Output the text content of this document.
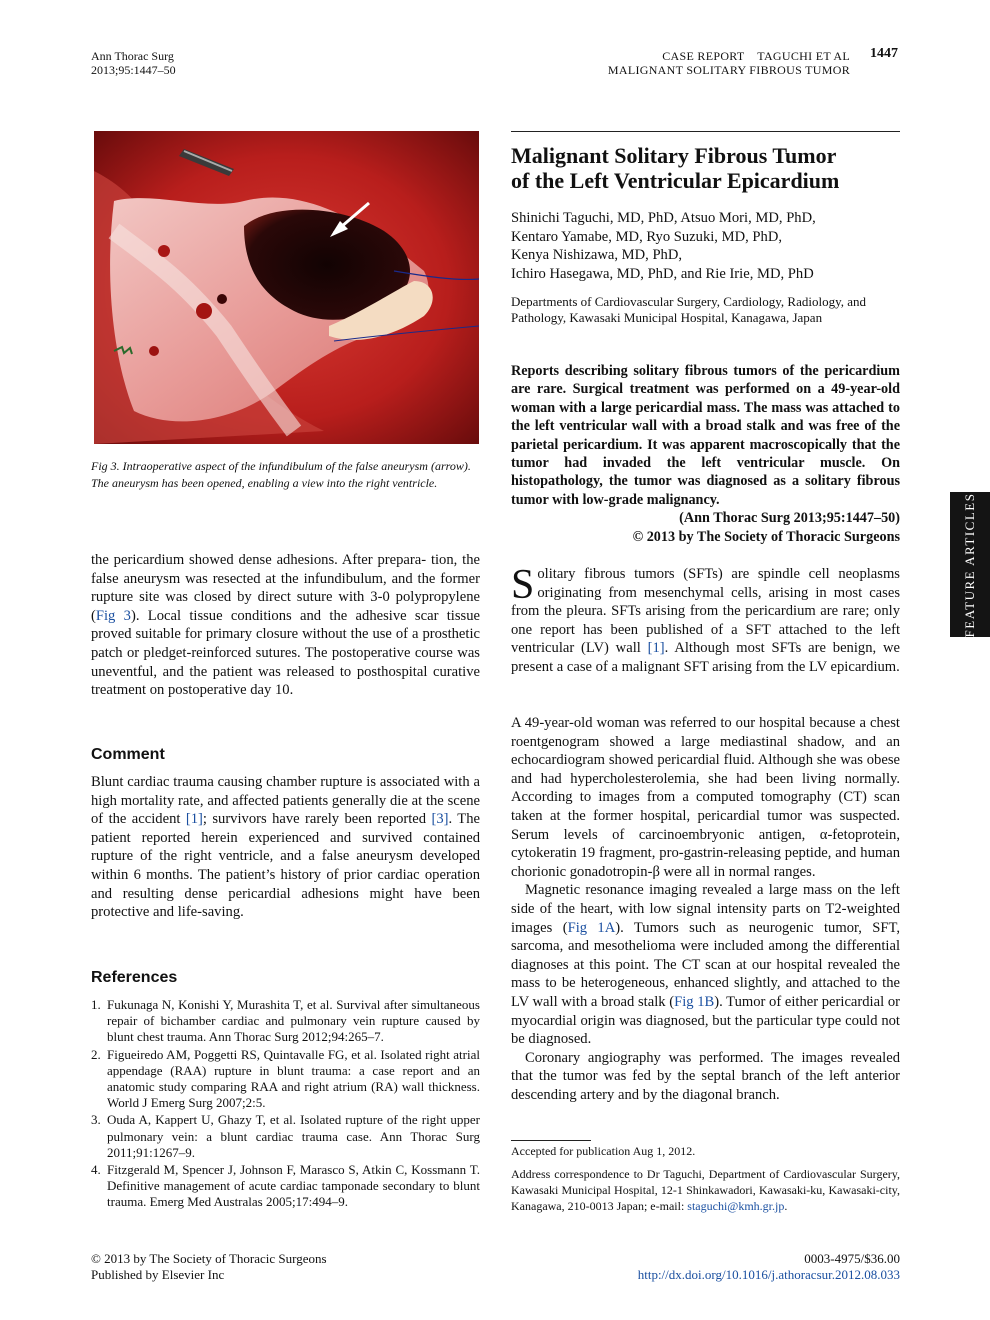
Ann Thorac Surg
2013;95:1447–50
CASE REPORT    TAGUCHI ET AL
MALIGNANT SOLITARY FIBROUS TUMOR
1447
Fig 3. Intraoperative aspect of the infundibulum of the false aneurysm (arrow). The aneurysm has been opened, enabling a view into the right ventricle.

the pericardium showed dense adhesions. After prepara- tion, the false aneurysm was resected at the infundibulum, and the former rupture site was closed by direct suture with 3-0 polypropylene (Fig 3). Local tissue conditions and the adhesive scar tissue proved suitable for primary closure without the use of a prosthetic patch or pledget-reinforced sutures. The postoperative course was uneventful, and the patient was released to posthospital curative treatment on postoperative day 10.

Comment

Blunt cardiac trauma causing chamber rupture is associated with a high mortality rate, and affected patients generally die at the scene of the accident [1]; survivors have rarely been reported [3]. The patient reported herein experienced and survived contained rupture of the right ventricle, and a false aneurysm developed within 6 months. The patient’s history of prior cardiac operation and resulting dense pericardial adhesions might have been protective and life-saving.

References
1. Fukunaga N, Konishi Y, Murashita T, et al. Survival after simultaneous repair of bichamber cardiac and pulmonary vein rupture caused by blunt chest trauma. Ann Thorac Surg 2012;94:265–7.
2. Figueiredo AM, Poggetti RS, Quintavalle FG, et al. Isolated right atrial appendage (RAA) rupture in blunt trauma: a case report and an anatomic study comparing RAA and right atrium (RA) wall thickness. World J Emerg Surg 2007;2:5.
3. Ouda A, Kappert U, Ghazy T, et al. Isolated rupture of the right upper pulmonary vein: a blunt cardiac trauma case. Ann Thorac Surg 2011;91:1267–9.
4. Fitzgerald M, Spencer J, Johnson F, Marasco S, Atkin C, Kossmann T. Definitive management of acute cardiac tamponade secondary to blunt trauma. Emerg Med Australas 2005;17:494–9.
Malignant Solitary Fibrous Tumor
of the Left Ventricular Epicardium
Shinichi Taguchi, MD, PhD, Atsuo Mori, MD, PhD,
Kentaro Yamabe, MD, Ryo Suzuki, MD, PhD,
Kenya Nishizawa, MD, PhD,
Ichiro Hasegawa, MD, PhD, and Rie Irie, MD, PhD
Departments of Cardiovascular Surgery, Cardiology, Radiology, and Pathology, Kawasaki Municipal Hospital, Kanagawa, Japan

Reports describing solitary fibrous tumors of the pericardium are rare. Surgical treatment was performed on a 49-year-old woman with a large pericardial mass. The mass was attached to the left ventricular wall with a broad stalk and was free of the parietal pericardium. It was apparent macroscopically that the tumor had invaded the left ventricular muscle. On histopathology, the tumor was diagnosed as a solitary fibrous tumor with low-grade malignancy.

(Ann Thorac Surg 2013;95:1447–50)

© 2013 by The Society of Thoracic Surgeons

Solitary fibrous tumors (SFTs) are spindle cell neoplasms originating from mesenchymal cells, arising in most cases from the pleura. SFTs arising from the pericardium are rare; only one report has been published of a SFT attached to the left ventricular (LV) wall [1]. Although most SFTs are benign, we present a case of a malignant SFT arising from the LV epicardium.

A 49-year-old woman was referred to our hospital because a chest roentgenogram showed a large mediastinal shadow, and an echocardiogram showed pericardial fluid. Although she was obese and had hypercholesterolemia, she had been living normally. According to images from a computed tomography (CT) scan taken at the former hospital, pericardial tumor was suspected. Serum levels of carcinoembryonic antigen, α-fetoprotein, cytokeratin 19 fragment, pro-gastrin-releasing peptide, and human chorionic gonadotropin-β were all in normal ranges.

Magnetic resonance imaging revealed a large mass on the left side of the heart, with low signal intensity parts on T2-weighted images (Fig 1A). Tumors such as neurogenic tumor, SFT, sarcoma, and mesothelioma were included among the differential diagnoses at this point. The CT scan at our hospital revealed the mass to be heterogeneous, enhanced slightly, and attached to the LV wall with a broad stalk (Fig 1B). Tumor of either pericardial or myocardial origin was diagnosed, but the particular type could not be diagnosed.

Coronary angiography was performed. The images revealed that the tumor was fed by the septal branch of the left anterior descending artery and by the diagonal branch.

Accepted for publication Aug 1, 2012.
Address correspondence to Dr Taguchi, Department of Cardiovascular Surgery, Kawasaki Municipal Hospital, 12-1 Shinkawadori, Kawasaki-ku, Kawasaki-city, Kanagawa, 210-0013 Japan; e-mail: staguchi@kmh.gr.jp.
© 2013 by The Society of Thoracic Surgeons
Published by Elsevier Inc
0003-4975/$36.00
http://dx.doi.org/10.1016/j.athoracsur.2012.08.033
FEATURE ARTICLES
